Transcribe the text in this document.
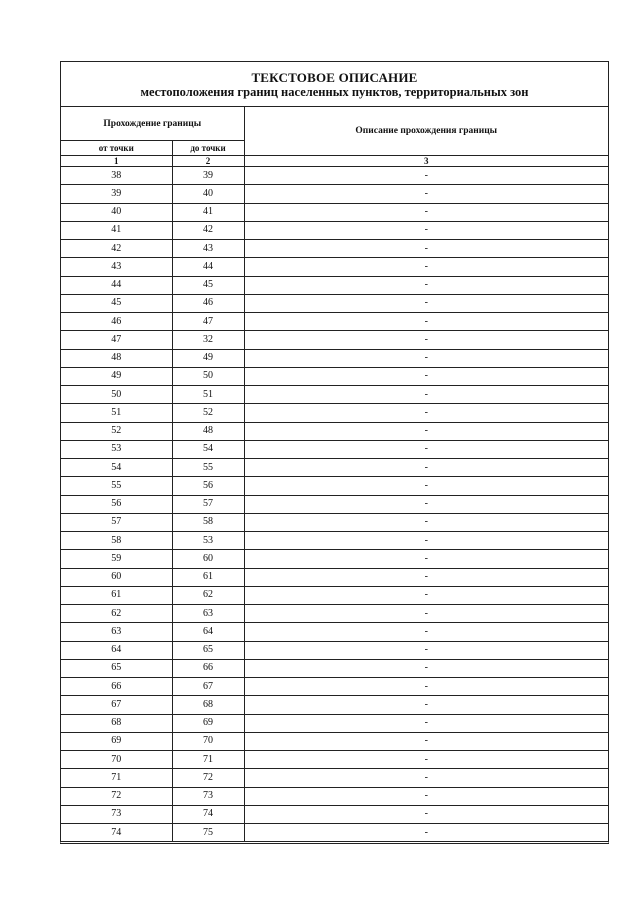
ТЕКСТОВОЕ ОПИСАНИЕ
местоположения границ населенных пунктов, территориальных зон
Прохождение границы		Описание прохождения границы
от точки	до точки	
1	2	3
38	39	-
39	40	-
40	41	-
41	42	-
42	43	-
43	44	-
44	45	-
45	46	-
46	47	-
47	32	-
48	49	-
49	50	-
50	51	-
51	52	-
52	48	-
53	54	-
54	55	-
55	56	-
56	57	-
57	58	-
58	53	-
59	60	-
60	61	-
61	62	-
62	63	-
63	64	-
64	65	-
65	66	-
66	67	-
67	68	-
68	69	-
69	70	-
70	71	-
71	72	-
72	73	-
73	74	-
74	75	-
